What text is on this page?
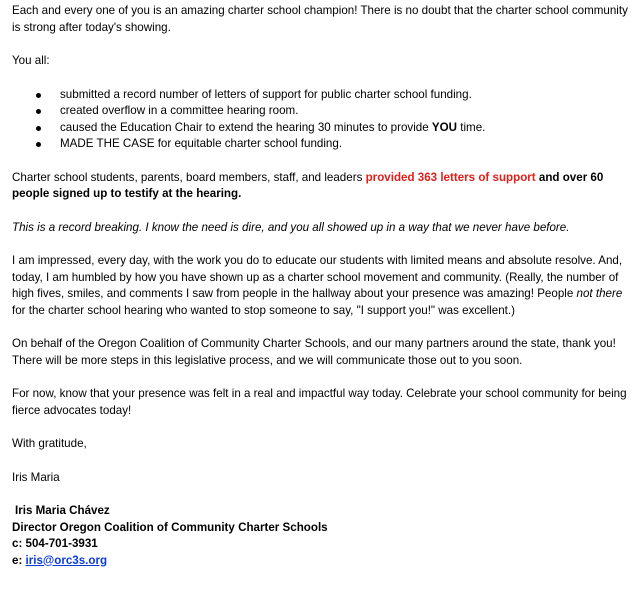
Each and every one of you is an amazing charter school champion! There is no doubt that the charter school community is strong after today's showing.

You all:

submitted a record number of letters of support for public charter school funding.
created overflow in a committee hearing room.
caused the Education Chair to extend the hearing 30 minutes to provide YOU time.
MADE THE CASE for equitable charter school funding.

Charter school students, parents, board members, staff, and leaders provided 363 letters of support and over 60 people signed up to testify at the hearing.

This is a record breaking. I know the need is dire, and you all showed up in a way that we never have before.

I am impressed, every day, with the work you do to educate our students with limited means and absolute resolve. And, today, I am humbled by how you have shown up as a charter school movement and community. (Really, the number of high fives, smiles, and comments I saw from people in the hallway about your presence was amazing! People not there for the charter school hearing who wanted to stop someone to say, "I support you!" was excellent.)

On behalf of the Oregon Coalition of Community Charter Schools, and our many partners around the state, thank you! There will be more steps in this legislative process, and we will communicate those out to you soon.

For now, know that your presence was felt in a real and impactful way today. Celebrate your school community for being fierce advocates today!

With gratitude,

Iris Maria

Iris Maria Chávez
Director Oregon Coalition of Community Charter Schools
c: 504-701-3931
e: iris@orc3s.org
